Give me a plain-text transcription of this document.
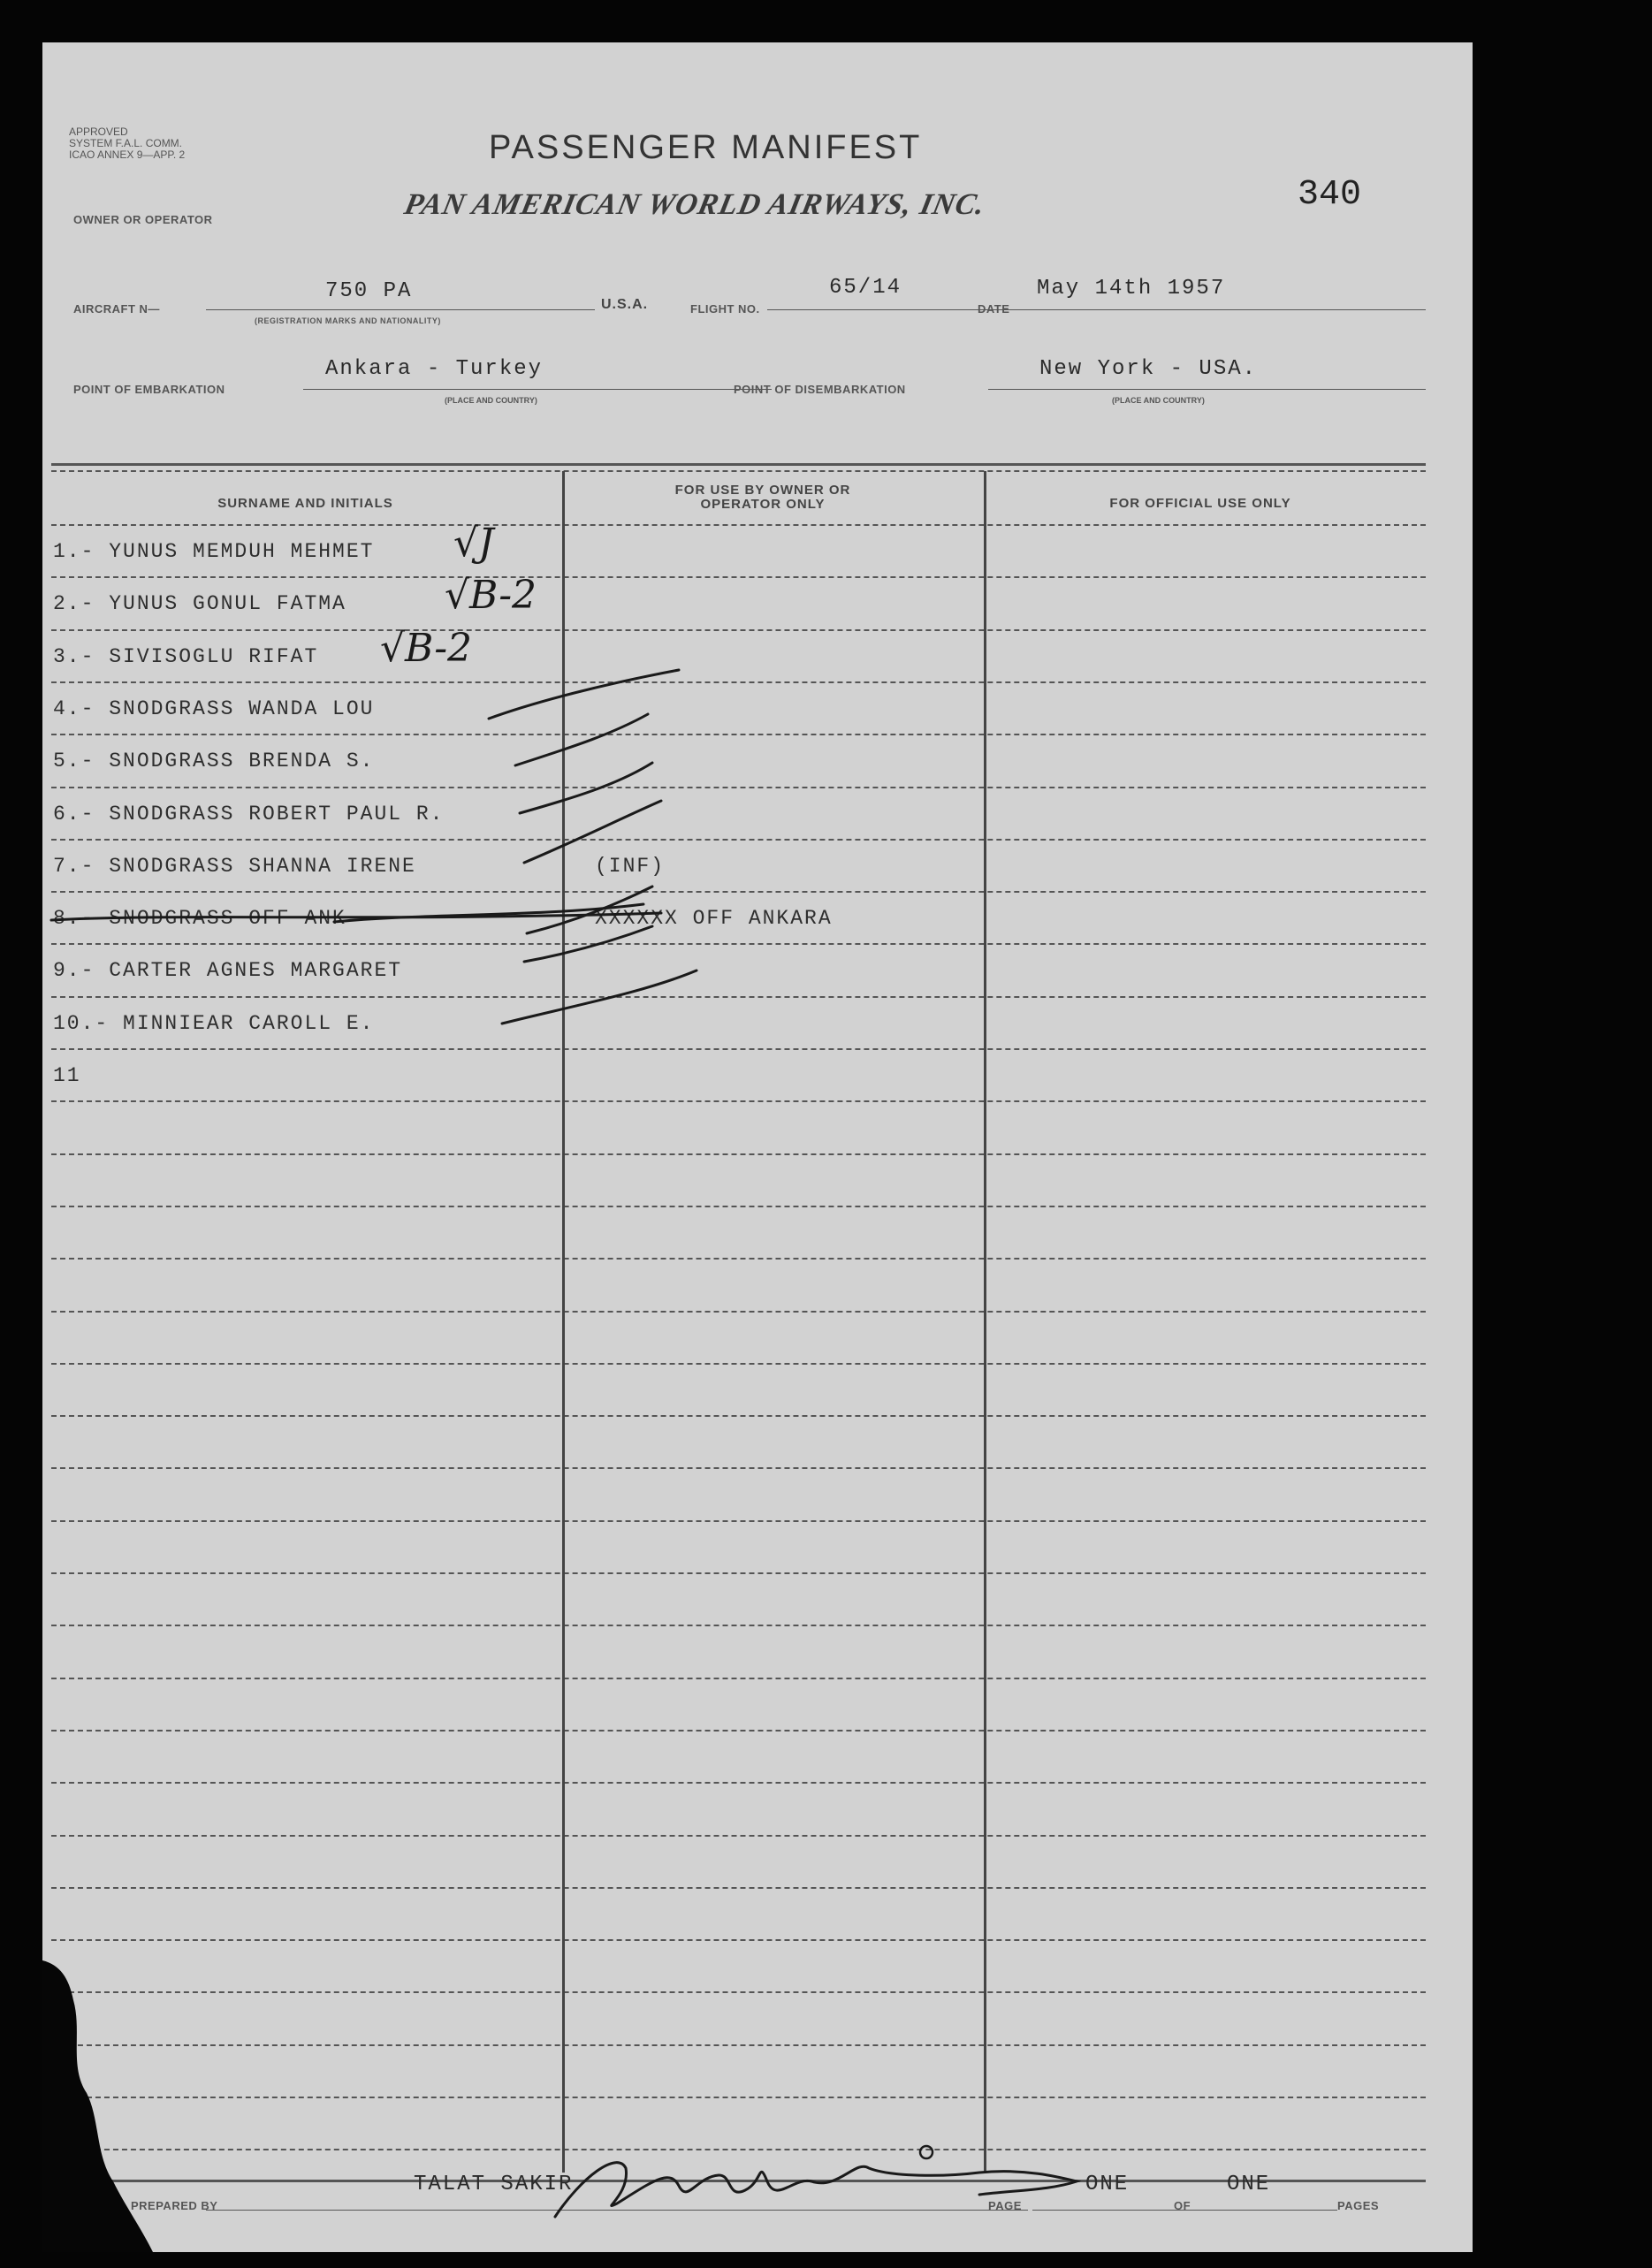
APPROVED
SYSTEM F.A.L. COMM.
ICAO ANNEX 9—APP. 2	PASSENGER MANIFEST
OWNER OR OPERATOR	PAN AMERICAN WORLD AIRWAYS, INC.	340
AIRCRAFT N—
750 PA
(REGISTRATION MARKS AND NATIONALITY)
U.S.A.	FLIGHT NO.
65/14
DATE
May 14th 1957
POINT OF EMBARKATION
Ankara - Turkey
(PLACE AND COUNTRY)
POINT OF DISEMBARKATION
New York - USA.
(PLACE AND COUNTRY)
SURNAME AND INITIALS
FOR USE BY OWNER OR OPERATOR ONLY	FOR OFFICIAL USE ONLY
1.- YUNUS MEMDUH MEHMET √J
2.- YUNUS GONUL FATMA	√B-2
3.- SIVISOGLU RIFAT √B-2
4.- SNODGRASS WANDA LOU
5.- SNODGRASS BRENDA S.
6.- SNODGRASS ROBERT PAUL R.
7.- SNODGRASS SHANNA IRENE	(INF)
8.- SNODGRASS OFF ANK	XXXXXX OFF ANKARA
9.- CARTER AGNES MARGARET
10.- MINNIEAR CAROLL E.
11
PREPARED BY
TALAT SAKIR
PAGE
ONE
OF
ONE
PAGES
